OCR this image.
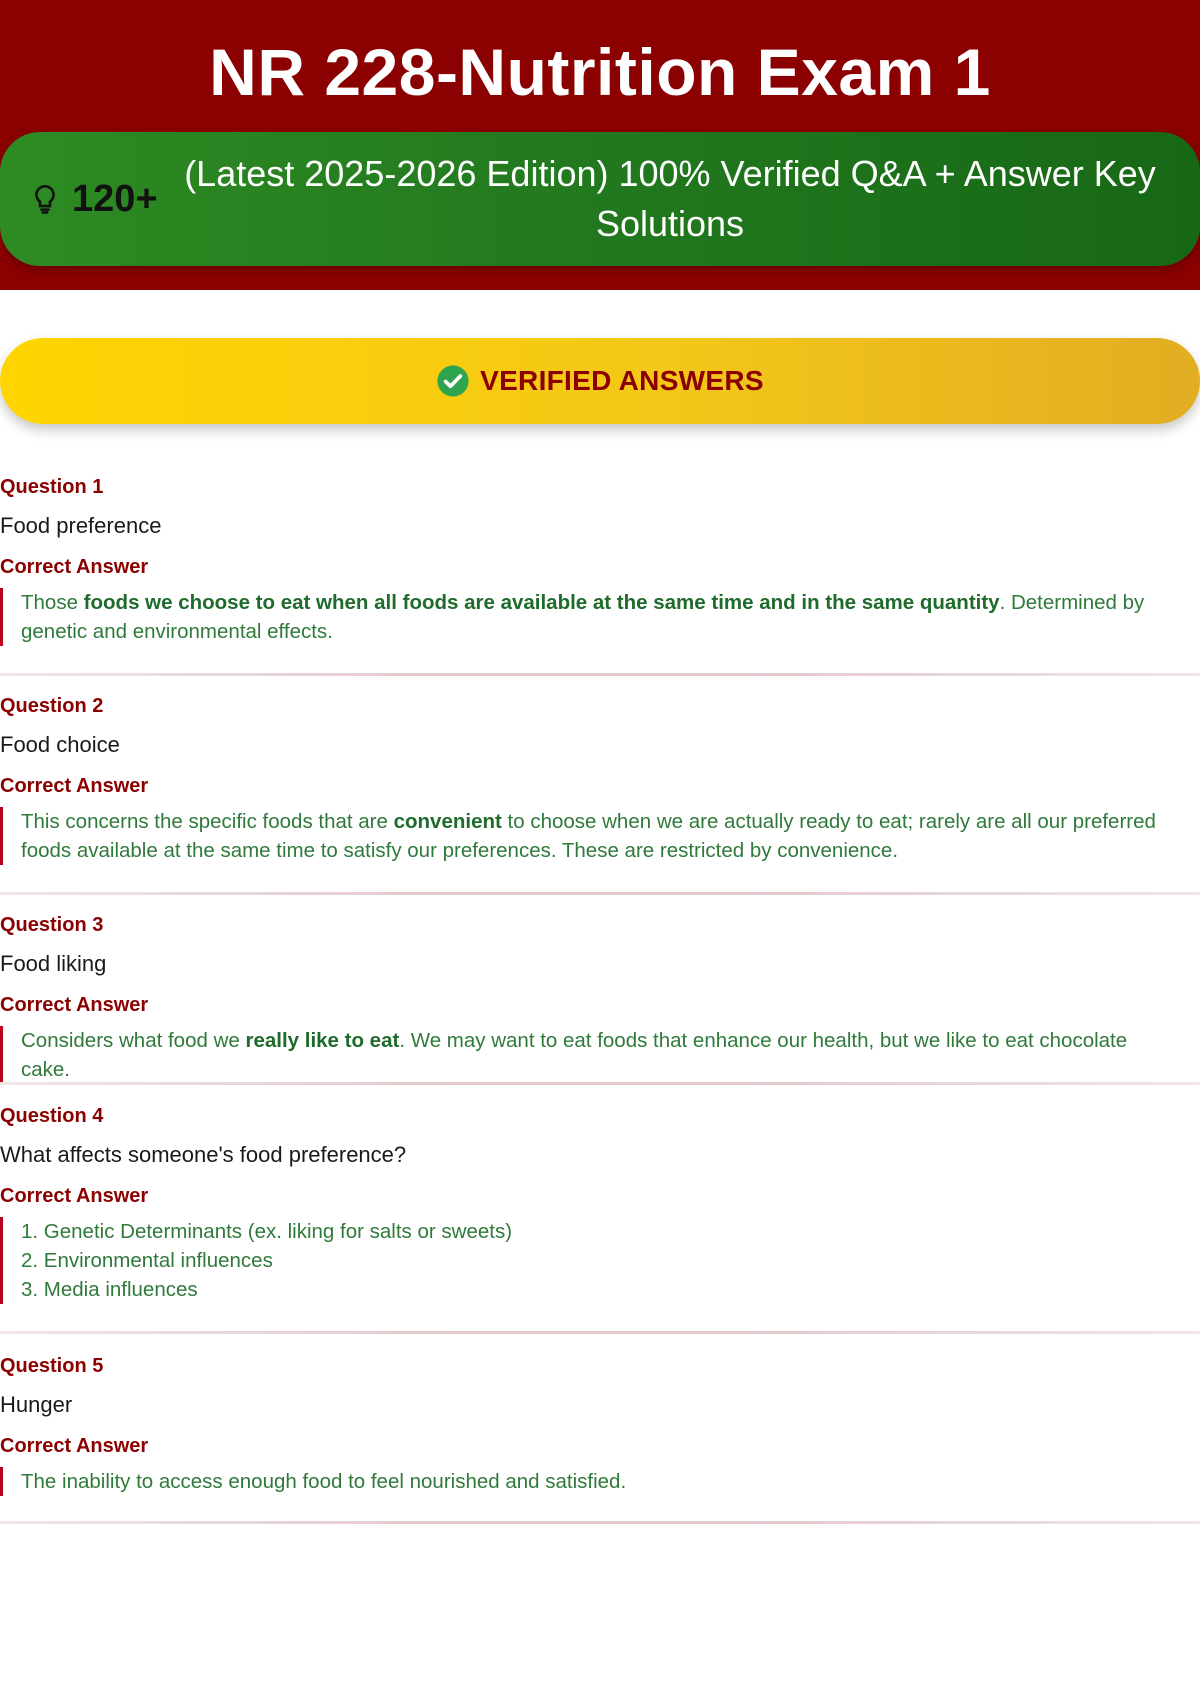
NR 228-Nutrition Exam 1
120+
(Latest 2025-2026 Edition) 100% Verified Q&A + Answer Key Solutions
VERIFIED ANSWERS
Question 1
Food preference
Correct Answer
Those foods we choose to eat when all foods are available at the same time and in the same quantity. Determined by genetic and environmental effects.
Question 2
Food choice
Correct Answer
This concerns the specific foods that are convenient to choose when we are actually ready to eat; rarely are all our preferred foods available at the same time to satisfy our preferences. These are restricted by convenience.
Question 3
Food liking
Correct Answer
Considers what food we really like to eat. We may want to eat foods that enhance our health, but we like to eat chocolate cake.
Question 4
What affects someone's food preference?
Correct Answer
1. Genetic Determinants (ex. liking for salts or sweets)
2. Environmental influences
3. Media influences
Question 5
Hunger
Correct Answer
The inability to access enough food to feel nourished and satisfied.
